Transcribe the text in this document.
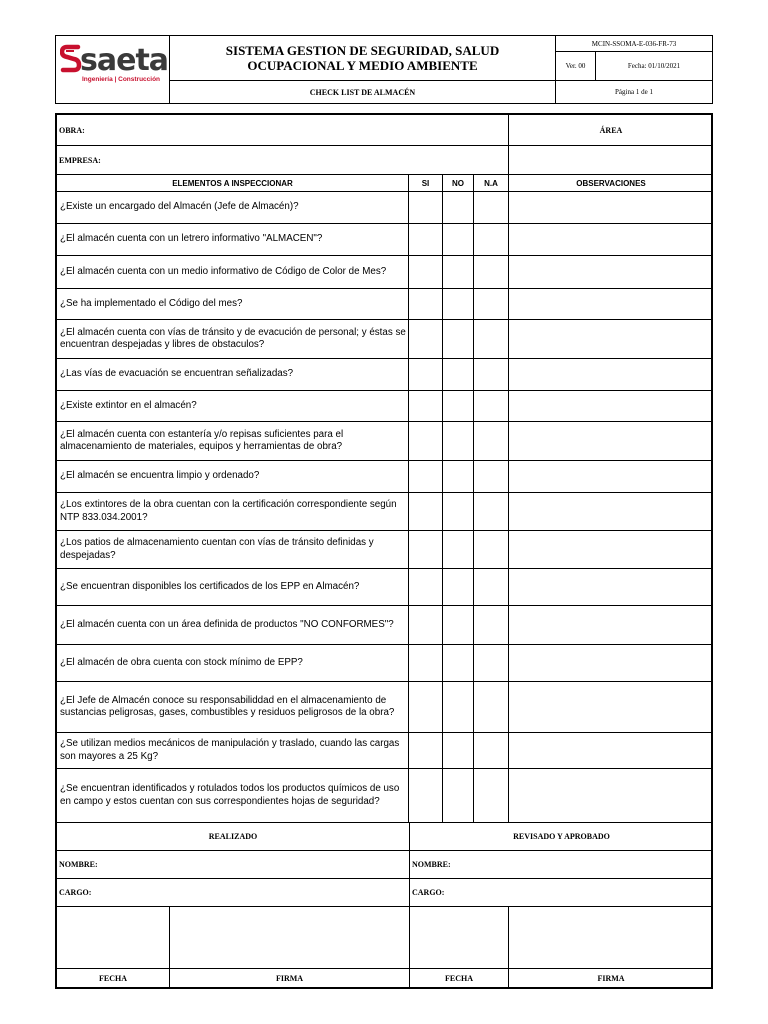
saeta
Ingeniería | Construcción
SISTEMA GESTION DE SEGURIDAD, SALUD OCUPACIONAL Y MEDIO AMBIENTE
CHECK LIST DE ALMACÉN
MCIN-SSOMA-E-036-FR-73
Ver. 00	Fecha: 01/10/2021
Página 1 de 1
OBRA:	ÁREA
EMPRESA:
ELEMENTOS A INSPECCIONAR	SI	NO	N.A	OBSERVACIONES
¿Existe un encargado del Almacén (Jefe de Almacén)?
¿El almacén cuenta con un letrero informativo "ALMACEN"?
¿El almacén cuenta con un medio informativo de Código de Color de Mes?
¿Se ha implementado el Código del mes?
¿El almacén cuenta con vías de tránsito y de evacución de personal; y éstas se encuentran despejadas y libres de obstaculos?
¿Las vías de evacuación se encuentran señalizadas?
¿Existe extintor en el almacén?
¿El almacén cuenta con estantería y/o repisas suficientes para el almacenamiento de materiales, equipos y herramientas de obra?
¿El almacén se encuentra limpio y ordenado?
¿Los extintores de la obra cuentan con la certificación correspondiente según NTP 833.034.2001?
¿Los patios de almacenamiento cuentan con vías de tránsito definidas y despejadas?
¿Se encuentran disponibles los certificados de los EPP en Almacén?
¿El almacén cuenta con un área definida de productos "NO CONFORMES"?
¿El almacén de obra cuenta con stock mínimo de EPP?
¿El Jefe de Almacén conoce su responsabiliddad en el almacenamiento de sustancias peligrosas, gases, combustibles y residuos peligrosos de la obra?
¿Se utilizan medios mecánicos de manipulación y traslado, cuando las cargas son mayores a 25 Kg?
¿Se encuentran identificados y rotulados todos los productos químicos de uso en campo y estos cuentan con sus correspondientes hojas de seguridad?
REALIZADO	REVISADO Y APROBADO
NOMBRE:	NOMBRE:
CARGO:	CARGO:
FECHA	FIRMA	FECHA	FIRMA
